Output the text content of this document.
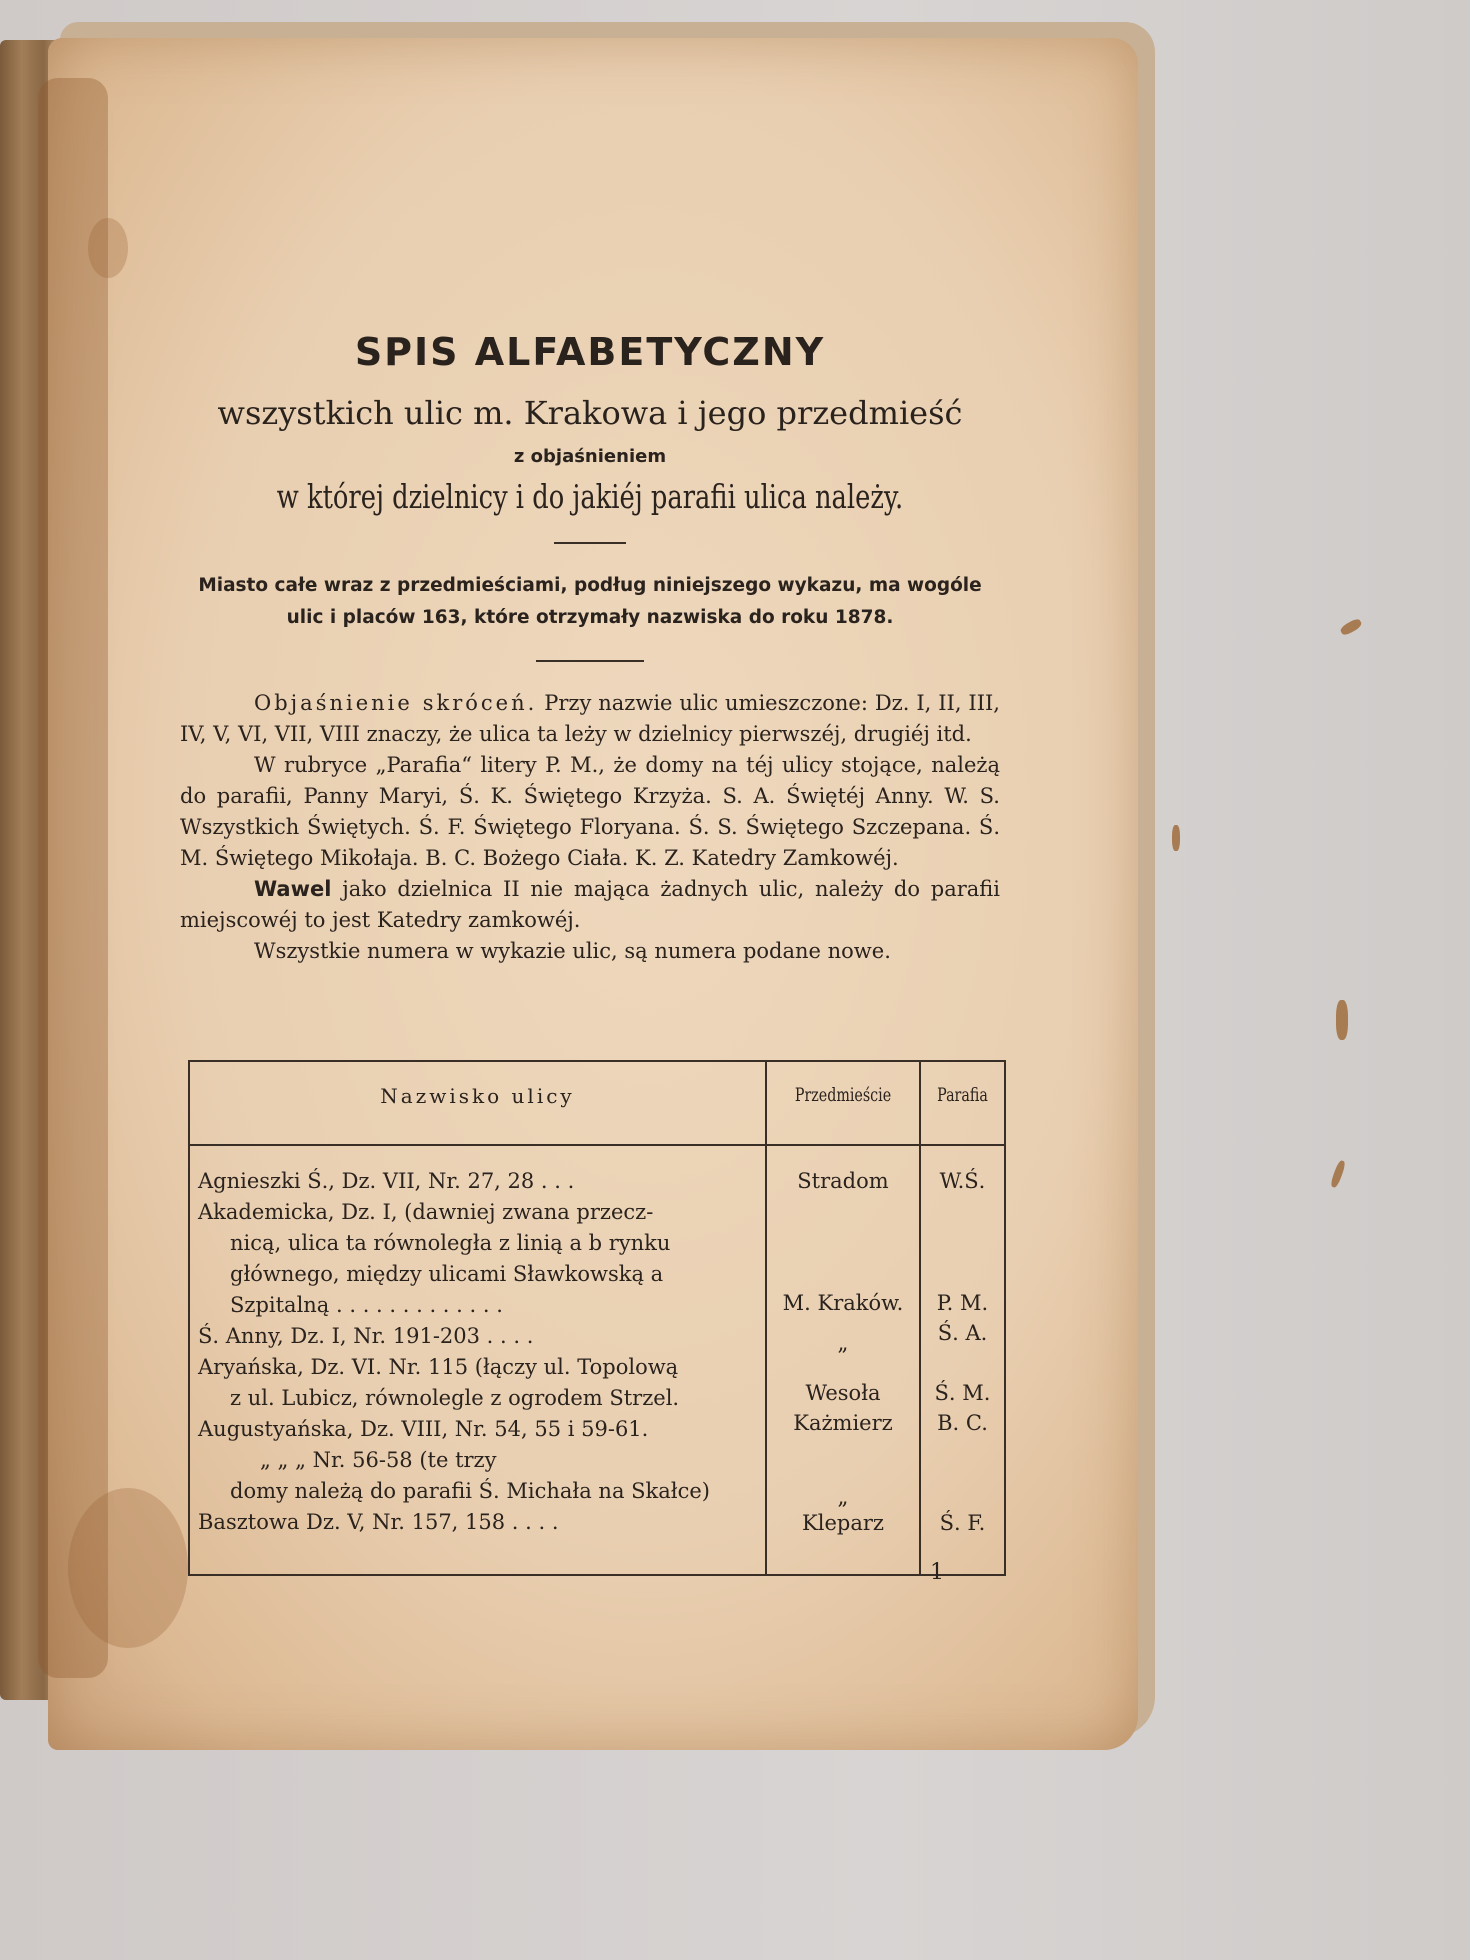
SPIS ALFABETYCZNY
wszystkich ulic m. Krakowa i jego przedmieść
z objaśnieniem
w której dzielnicy i do jakiéj parafii ulica należy.
Miasto całe wraz z przedmieściami, podług niniejszego wykazu, ma wogóle
ulic i placów 163, które otrzymały nazwiska do roku 1878.

Objaśnienie skróceń. Przy nazwie ulic umieszczone: Dz. I, II, III, IV, V, VI, VII, VIII znaczy, że ulica ta leży w dzielnicy pierwszéj, drugiéj itd.

W rubryce „Parafia“ litery P. M., że domy na téj ulicy stojące, należą do parafii, Panny Maryi, Ś. K. Świętego Krzyża. S. A. Świętéj Anny. W. S. Wszystkich Świętych. Ś. F. Świętego Floryana. Ś. S. Świętego Szczepana. Ś. M. Świętego Mikołaja. B. C. Bożego Ciała. K. Z. Katedry Zamkowéj.

Wawel jako dzielnica II nie mająca żadnych ulic, należy do parafii miejscowéj to jest Katedry zamkowéj.

Wszystkie numera w wykazie ulic, są numera podane nowe.

Nazwisko ulicy	Przedmieście	Parafia
Agnieszki Ś., Dz. VII, Nr. 27, 28 . . .
Akademicka, Dz. I, (dawniej zwana przecz-
nicą, ulica ta równoległa z linią a b rynku
głównego, między ulicami Sławkowską a
Szpitalną . . . . . . . . . . . . .
Ś. Anny, Dz. I, Nr. 191-203 . . . .
Aryańska, Dz. VI. Nr. 115 (łączy ul. Topolową
z ul. Lubicz, równolegle z ogrodem Strzel.
Augustyańska, Dz. VIII, Nr. 54, 55 i 59-61.
„ „ „ Nr. 56-58 (te trzy
domy należą do parafii Ś. Michała na Skałce)
Basztowa Dz. V, Nr. 157, 158 . . . .
Stradom
M. Kraków.
„
Wesoła
Każmierz
„
Kleparz
W.Ś.
P. M.
Ś. A.
Ś. M.
B. C.
Ś. F.
1
